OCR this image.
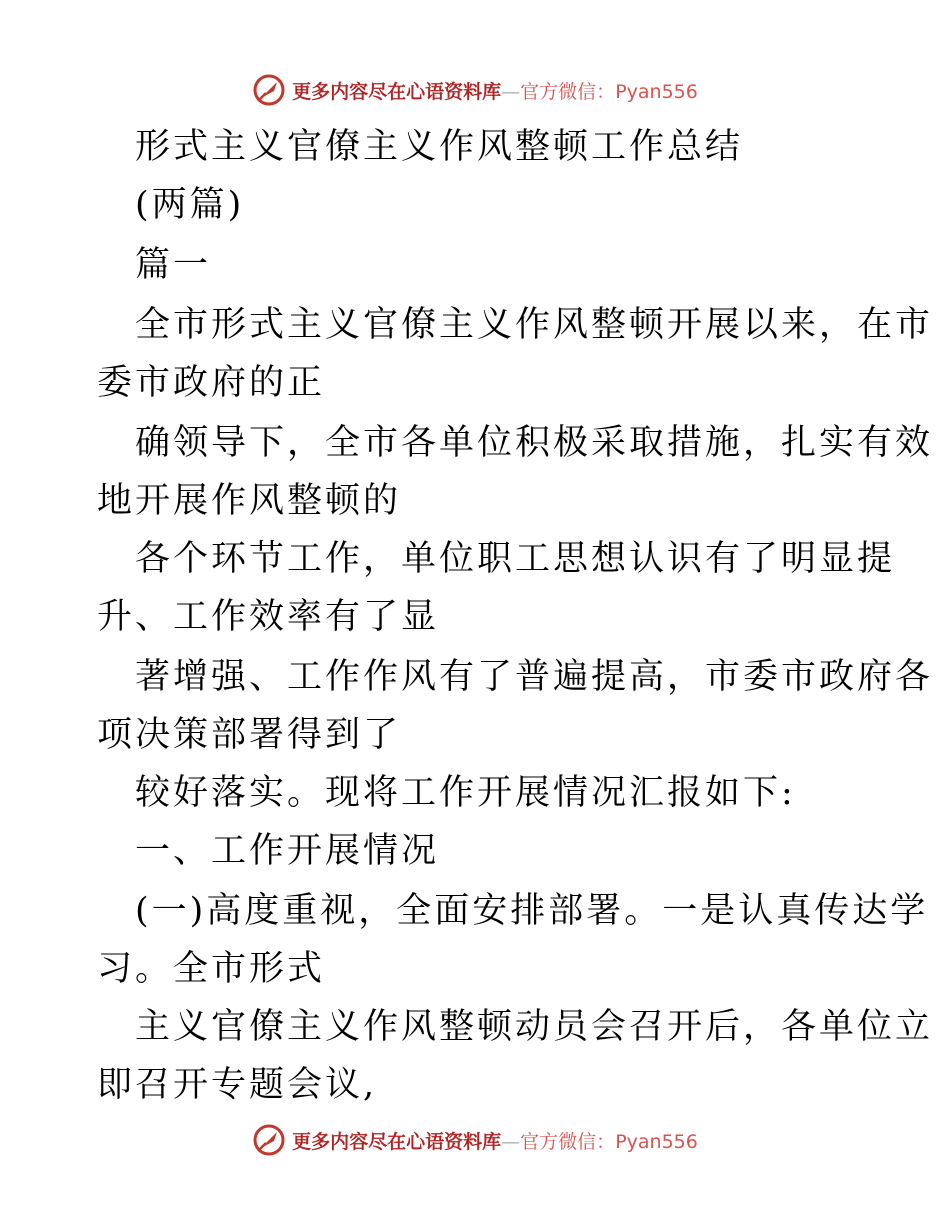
更多内容尽在心语资料库—官方微信：Pyan556
形式主义官僚主义作风整顿工作总结
(两篇)
篇一
全市形式主义官僚主义作风整顿开展以来，在市
委市政府的正
确领导下，全市各单位积极采取措施，扎实有效
地开展作风整顿的
各个环节工作，单位职工思想认识有了明显提
升、工作效率有了显
著增强、工作作风有了普遍提高，市委市政府各
项决策部署得到了
较好落实。现将工作开展情况汇报如下:
一、工作开展情况
(一)高度重视，全面安排部署。一是认真传达学
习。全市形式
主义官僚主义作风整顿动员会召开后，各单位立
即召开专题会议,
更多内容尽在心语资料库—官方微信：Pyan556
